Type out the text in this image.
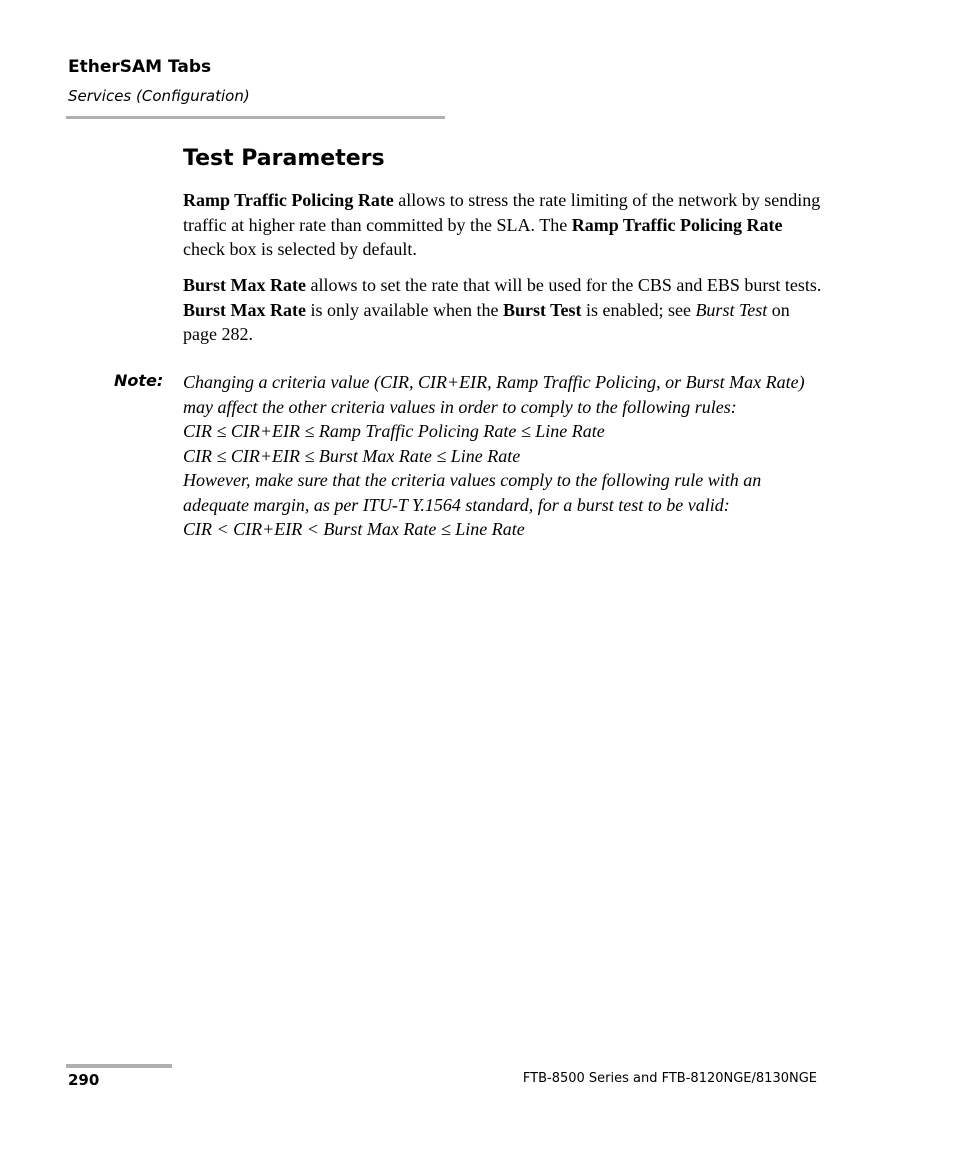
EtherSAM Tabs
Services (Configuration)
Test Parameters

Ramp Traffic Policing Rate allows to stress the rate limiting of the network by sending traffic at higher rate than committed by the SLA. The Ramp Traffic Policing Rate check box is selected by default.

Burst Max Rate allows to set the rate that will be used for the CBS and EBS burst tests. Burst Max Rate is only available when the Burst Test is enabled; see Burst Test on page 282.

Note: Changing a criteria value (CIR, CIR+EIR, Ramp Traffic Policing, or Burst Max Rate) may affect the other criteria values in order to comply to the following rules:
CIR ≤ CIR+EIR ≤ Ramp Traffic Policing Rate ≤ Line Rate
CIR ≤ CIR+EIR ≤ Burst Max Rate ≤ Line Rate
However, make sure that the criteria values comply to the following rule with an adequate margin, as per ITU-T Y.1564 standard, for a burst test to be valid:
CIR < CIR+EIR < Burst Max Rate ≤ Line Rate
290	FTB-8500 Series and FTB-8120NGE/8130NGE
